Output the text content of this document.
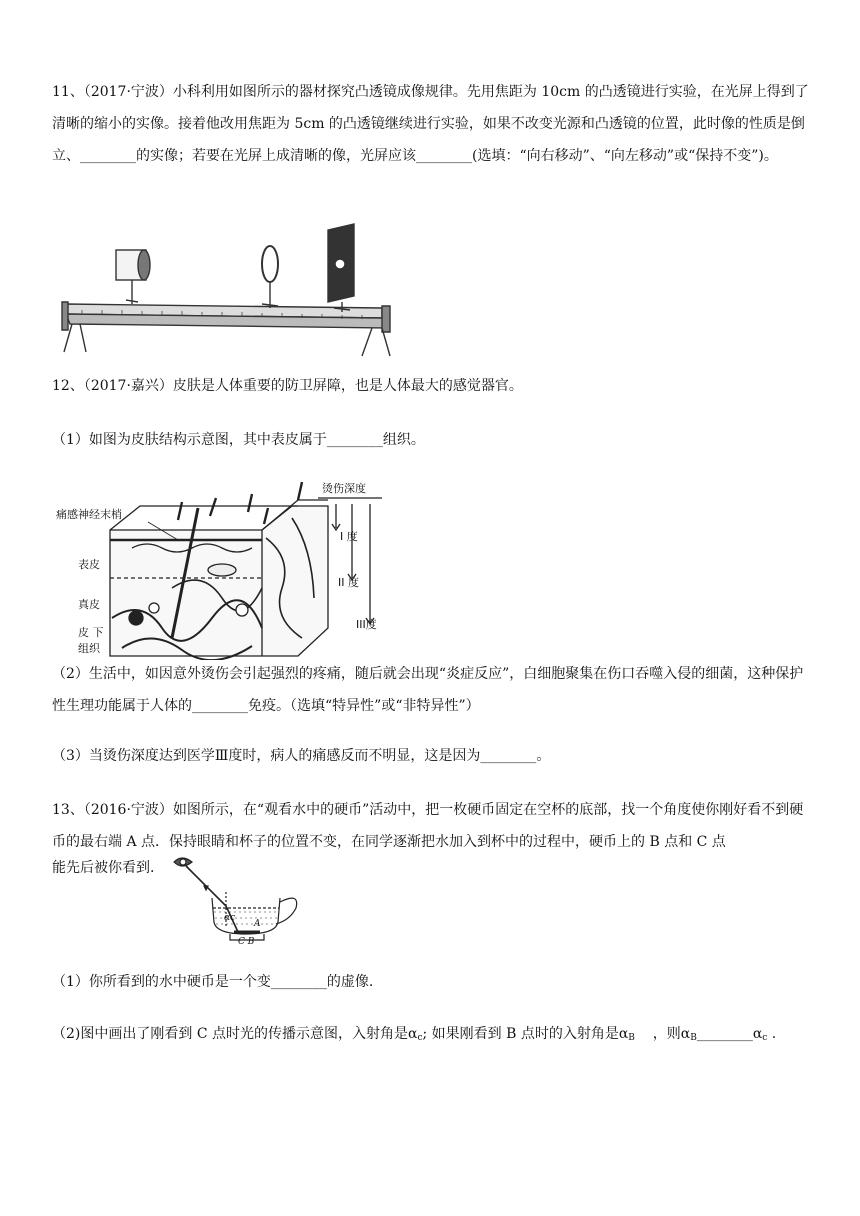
11、（2017·宁波）小科利用如图所示的器材探究凸透镜成像规律。先用焦距为 10cm 的凸透镜进行实验，在光屏上得到了清晰的缩小的实像。接着他改用焦距为 5cm 的凸透镜继续进行实验，如果不改变光源和凸透镜的位置，此时像的性质是倒立、________的实像；若要在光屏上成清晰的像，光屏应该________(选填：“向右移动”、“向左移动”或“保持不变”)。

12、（2017·嘉兴）皮肤是人体重要的防卫屏障，也是人体最大的感觉器官。

（1）如图为皮肤结构示意图，其中表皮属于________组织。

痛感神经末梢
表皮
真皮
皮 下
组织
烫伤深度
I 度
II 度
III度

（2）生活中，如因意外烫伤会引起强烈的疼痛，随后就会出现“炎症反应”，白细胞聚集在伤口吞噬入侵的细菌，这种保护性生理功能属于人体的________免疫。（选填“特异性”或“非特异性”）

（3）当烫伤深度达到医学Ⅲ度时，病人的痛感反而不明显，这是因为________。

13、（2016·宁波）如图所示，在“观看水中的硬币”活动中，把一枚硬币固定在空杯的底部，找一个角度使你刚好看不到硬币的最右端 A 点．保持眼睛和杯子的位置不变，在同学逐渐把水加入到杯中的过程中，硬币上的 B 点和 C 点

能先后被你看到.

αc
A
C B

（1）你所看到的水中硬币是一个变________的虚像.

（2)图中画出了刚看到 C 点时光的传播示意图，入射角是$\alpha_c$; 如果刚看到 B 点时的入射角是$\alpha_B$ ，则$\alpha_B\_\_\_\_\_\_\_\_\alpha_c$ .
